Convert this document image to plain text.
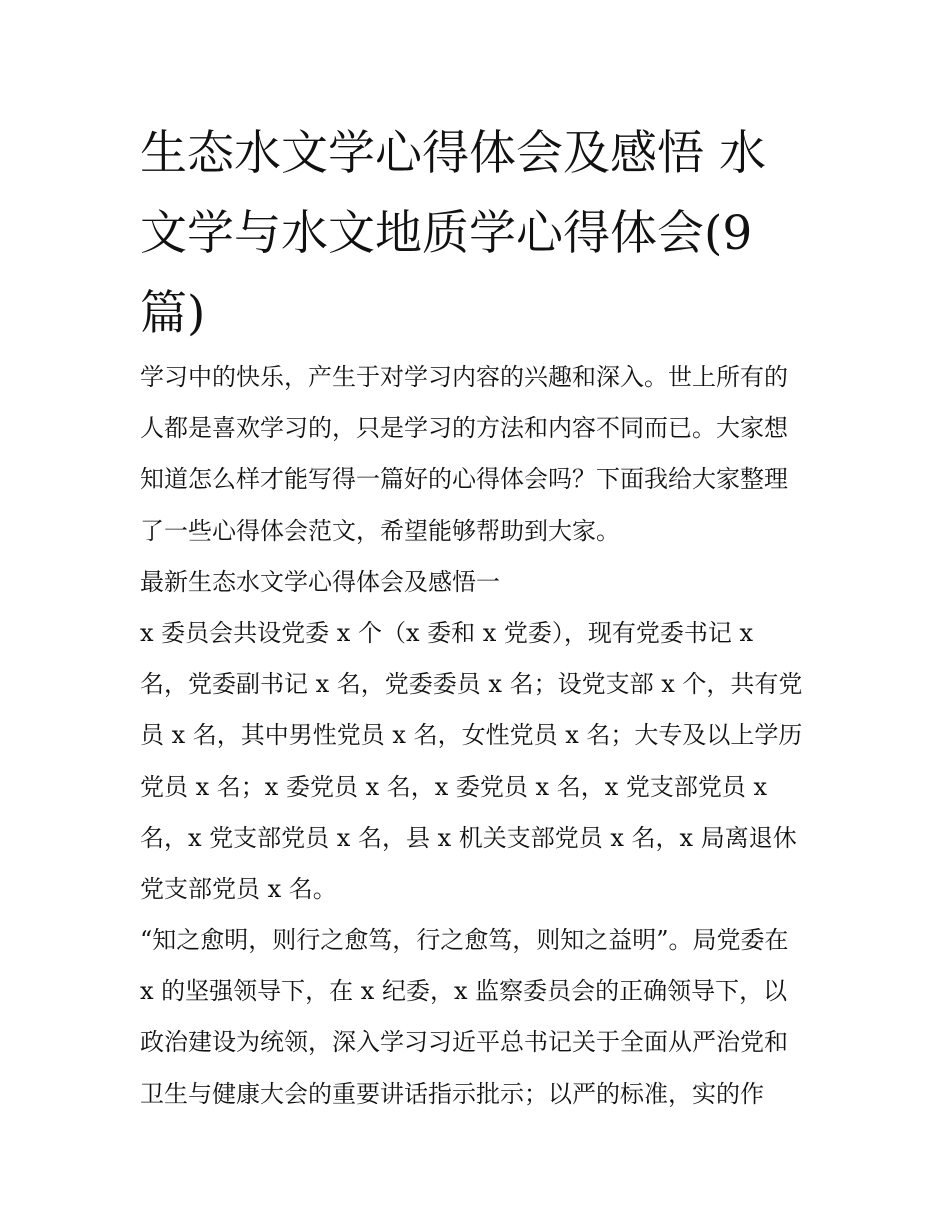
生态水文学心得体会及感悟 水
文学与水文地质学心得体会(9
篇)
学习中的快乐，产生于对学习内容的兴趣和深入。世上所有的
人都是喜欢学习的，只是学习的方法和内容不同而已。大家想
知道怎么样才能写得一篇好的心得体会吗？下面我给大家整理
了一些心得体会范文，希望能够帮助到大家。
最新生态水文学心得体会及感悟一
x 委员会共设党委 x 个（x 委和 x 党委），现有党委书记 x
名，党委副书记 x 名，党委委员 x 名；设党支部 x 个，共有党
员 x 名，其中男性党员 x 名，女性党员 x 名；大专及以上学历
党员 x 名；x 委党员 x 名，x 委党员 x 名，x 党支部党员 x
名，x 党支部党员 x 名，县 x 机关支部党员 x 名，x 局离退休
党支部党员 x 名。
“知之愈明，则行之愈笃，行之愈笃，则知之益明”。局党委在
x 的坚强领导下，在 x 纪委，x 监察委员会的正确领导下，以
政治建设为统领，深入学习习近平总书记关于全面从严治党和
卫生与健康大会的重要讲话指示批示；以严的标准，实的作
